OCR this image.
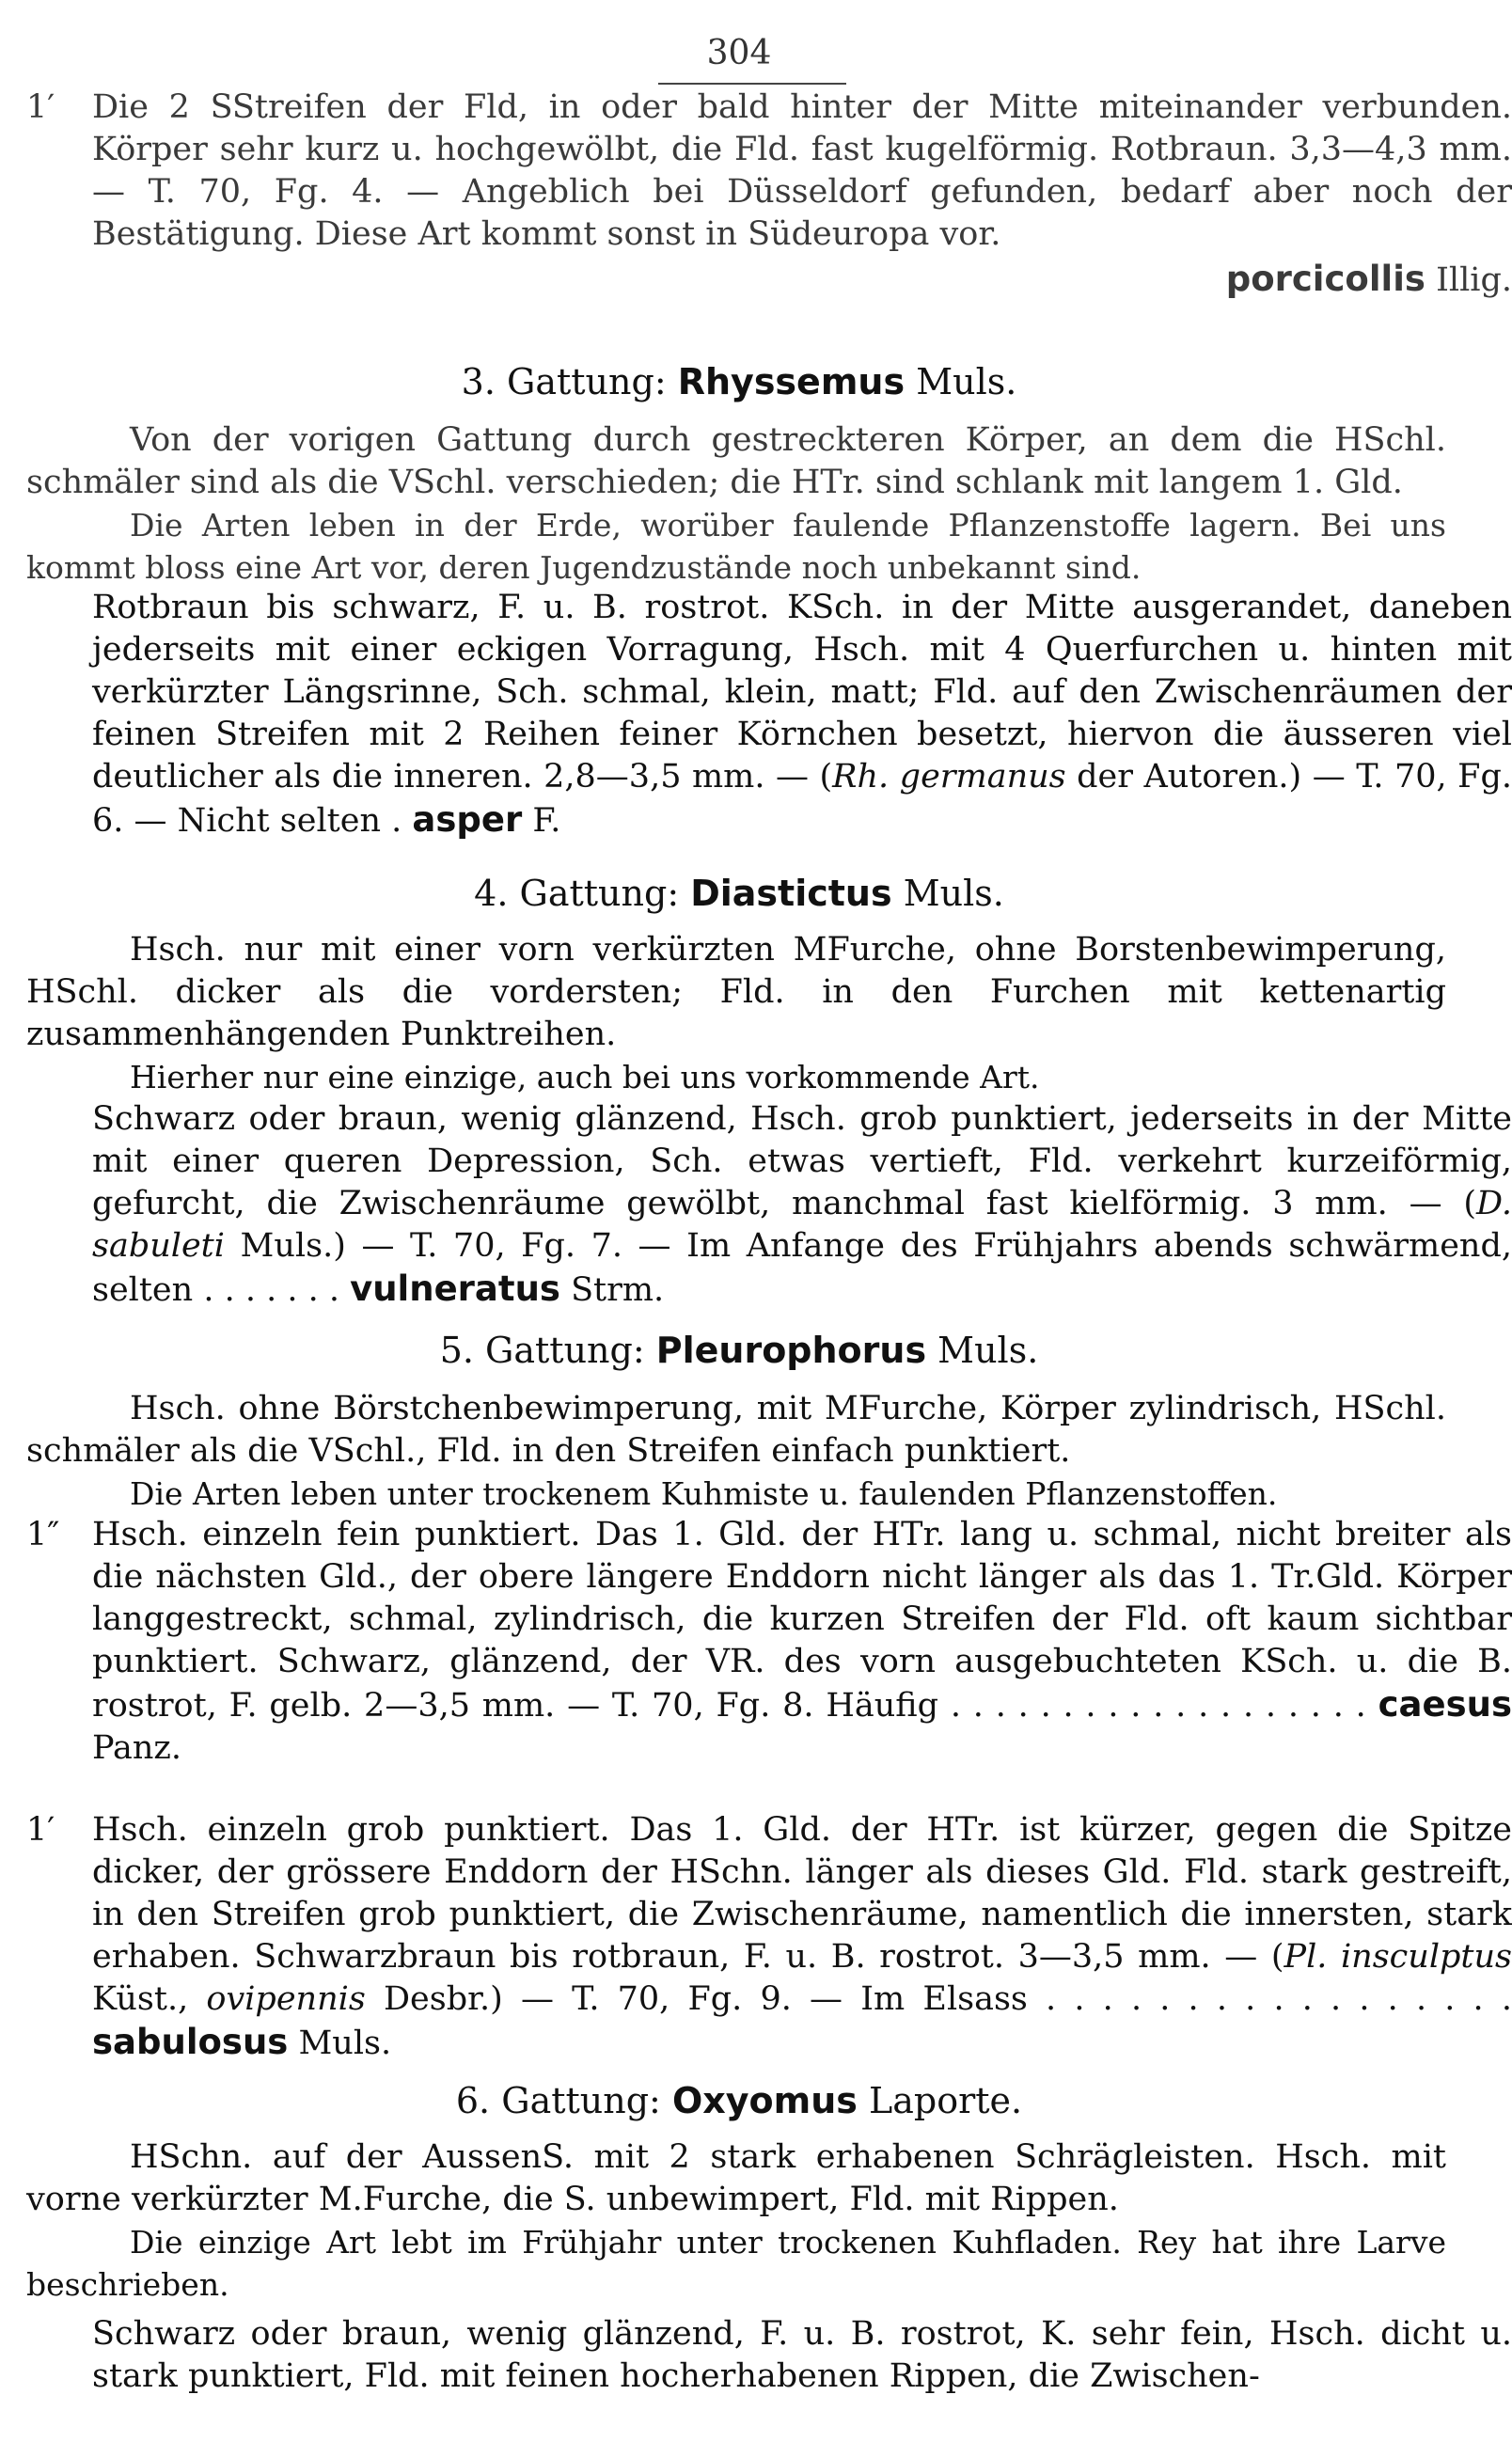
304
1′	Die 2 SStreifen der Fld, in oder bald hinter der Mitte miteinander verbunden. Körper sehr kurz u. hochgewölbt, die Fld. fast kugelförmig. Rotbraun. 3,3—4,3 mm. — T. 70, Fg. 4. — Angeblich bei Düsseldorf gefunden, bedarf aber noch der Bestätigung. Diese Art kommt sonst in Südeuropa vor.

porcicollis Illig.

3. Gattung: Rhyssemus Muls.

Von der vorigen Gattung durch gestreckteren Körper, an dem die HSchl. schmäler sind als die VSchl. verschieden; die HTr. sind schlank mit langem 1. Gld.

Die Arten leben in der Erde, worüber faulende Pflanzenstoffe lagern. Bei uns kommt bloss eine Art vor, deren Jugendzustände noch unbekannt sind.

Rotbraun bis schwarz, F. u. B. rostrot. KSch. in der Mitte ausgerandet, daneben jederseits mit einer eckigen Vorragung, Hsch. mit 4 Querfurchen u. hinten mit verkürzter Längsrinne, Sch. schmal, klein, matt; Fld. auf den Zwischenräumen der feinen Streifen mit 2 Reihen feiner Körnchen besetzt, hiervon die äusseren viel deutlicher als die inneren. 2,8—3,5 mm. — (Rh. germanus der Autoren.) — T. 70, Fg. 6. — Nicht selten . asper F.

4. Gattung: Diastictus Muls.

Hsch. nur mit einer vorn verkürzten MFurche, ohne Borstenbewimperung, HSchl. dicker als die vordersten; Fld. in den Furchen mit kettenartig zusammenhängenden Punktreihen.

Hierher nur eine einzige, auch bei uns vorkommende Art.

Schwarz oder braun, wenig glänzend, Hsch. grob punktiert, jederseits in der Mitte mit einer queren Depression, Sch. etwas vertieft, Fld. verkehrt kurzeiförmig, gefurcht, die Zwischenräume gewölbt, manchmal fast kielförmig. 3 mm. — (D. sabuleti Muls.) — T. 70, Fg. 7. — Im Anfange des Frühjahrs abends schwärmend, selten . . . . . . . vulneratus Strm.

5. Gattung: Pleurophorus Muls.

Hsch. ohne Börstchenbewimperung, mit MFurche, Körper zylindrisch, HSchl. schmäler als die VSchl., Fld. in den Streifen einfach punktiert.

Die Arten leben unter trockenem Kuhmiste u. faulenden Pflanzenstoffen.

1″ Hsch. einzeln fein punktiert. Das 1. Gld. der HTr. lang u. schmal, nicht breiter als die nächsten Gld., der obere längere Enddorn nicht länger als das 1. Tr.Gld. Körper langgestreckt, schmal, zylindrisch, die kurzen Streifen der Fld. oft kaum sichtbar punktiert. Schwarz, glänzend, der VR. des vorn ausgebuchteten KSch. u. die B. rostrot, F. gelb. 2—3,5 mm. — T. 70, Fg. 8. Häufig . . . . . . . . . . . . . . . . . . . caesus Panz.

1′	Hsch. einzeln grob punktiert. Das 1. Gld. der HTr. ist kürzer, gegen die Spitze dicker, der grössere Enddorn der HSchn. länger als dieses Gld. Fld. stark gestreift, in den Streifen grob punktiert, die Zwischenräume, namentlich die innersten, stark erhaben. Schwarzbraun bis rotbraun, F. u. B. rostrot. 3—3,5 mm. — (Pl. insculptus Küst., ovipennis Desbr.) — T. 70, Fg. 9. — Im Elsass . . . . . . . . . . . . . . . . . sabulosus Muls.

6. Gattung: Oxyomus Laporte.

HSchn. auf der AussenS. mit 2 stark erhabenen Schrägleisten. Hsch. mit vorne verkürzter M.Furche, die S. unbewimpert, Fld. mit Rippen.

Die einzige Art lebt im Frühjahr unter trockenen Kuhfladen. Rey hat ihre Larve beschrieben.

Schwarz oder braun, wenig glänzend, F. u. B. rostrot, K. sehr fein, Hsch. dicht u. stark punktiert, Fld. mit feinen hocherhabenen Rippen, die Zwischen-
